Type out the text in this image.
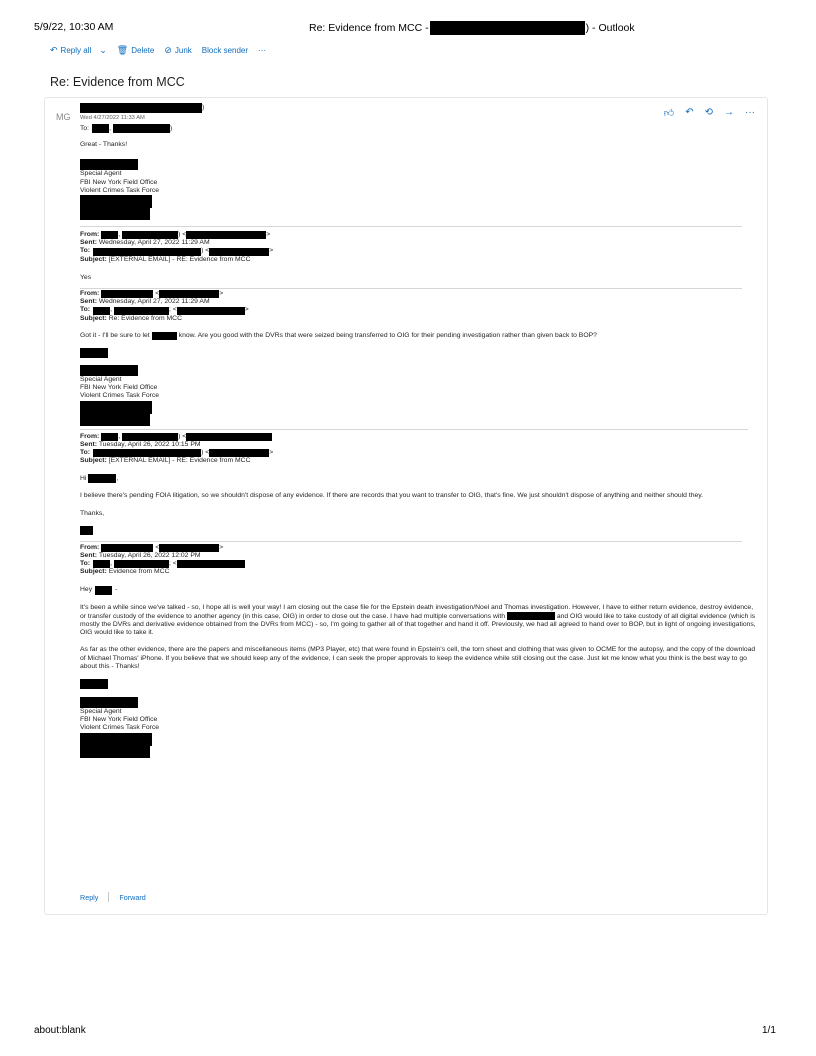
5/9/22, 10:30 AM	Re: Evidence from MCC -	) - Outlook
↶ Reply all ⌄ 🗑 Delete ⊘ Junk Block sender ···
Re: Evidence from MCC
MG	👍︎ ↶ ⟲ → ···
)
Wed 4/27/2022 11:33 AM
To:	,	)
Great - Thanks!
Special Agent
FBI New York Field Office
Violent Crimes Task Force
From:	,	) <	>
Sent:
Wednesday, April 27, 2022 11:29 AM
To:	) <	>
Subject:
[EXTERNAL EMAIL] - RE: Evidence from MCC
Yes
From:	<	>
Sent:
Wednesday, April 27, 2022 11:29 AM
To:	,	; <	>
Subject:
Re: Evidence from MCC
Got it - I'll be sure to let	know. Are you good with the DVRs that were seized being transferred to OIG for their pending investigation rather than given back to BOP?
Special Agent
FBI New York Field Office
Violent Crimes Task Force
From:	,	) <
Sent:
Tuesday, April 26, 2022 10:15 PM
To:	) <	>
Subject:
[EXTERNAL EMAIL] - RE: Evidence from MCC
Hi	,
I believe there's pending FOIA litigation, so we shouldn't dispose of any evidence. If there are records that you want to transfer to OIG, that's fine. We just shouldn't dispose of anything and neither should they.
Thanks,
From:	<	>
Sent:
Tuesday, April 26, 2022 12:02 PM
To:	,	; <
Subject:
Evidence from MCC
Hey	-
It's been a while since we've talked - so, I hope all is well your way! I am closing out the case file for the Epstein death investigation/Noel and Thomas investigation. However, I have to either return evidence, destroy evidence, or transfer custody of the evidence to another agency (in this case, OIG) in order to close out the case. I have had multiple conversations with	and OIG would like to take custody of all digital evidence (which is mostly the DVRs and derivative evidence obtained from the DVRs from MCC) - so, I'm going to gather all of that together and hand it off. Previously, we had all agreed to hand over to BOP, but in light of ongoing investigations, OIG would like to take it.
As far as the other evidence, there are the papers and miscellaneous items (MP3 Player, etc) that were found in Epstein's cell, the torn sheet and clothing that was given to OCME for the autopsy, and the copy of the download of Michael Thomas' iPhone. If you believe that we should keep any of the evidence, I can seek the proper approvals to keep the evidence while still closing out the case. Just let me know what you think is the best way to go about this - Thanks!
Special Agent
FBI New York Field Office
Violent Crimes Task Force
Reply	Forward
about:blank	1/1
